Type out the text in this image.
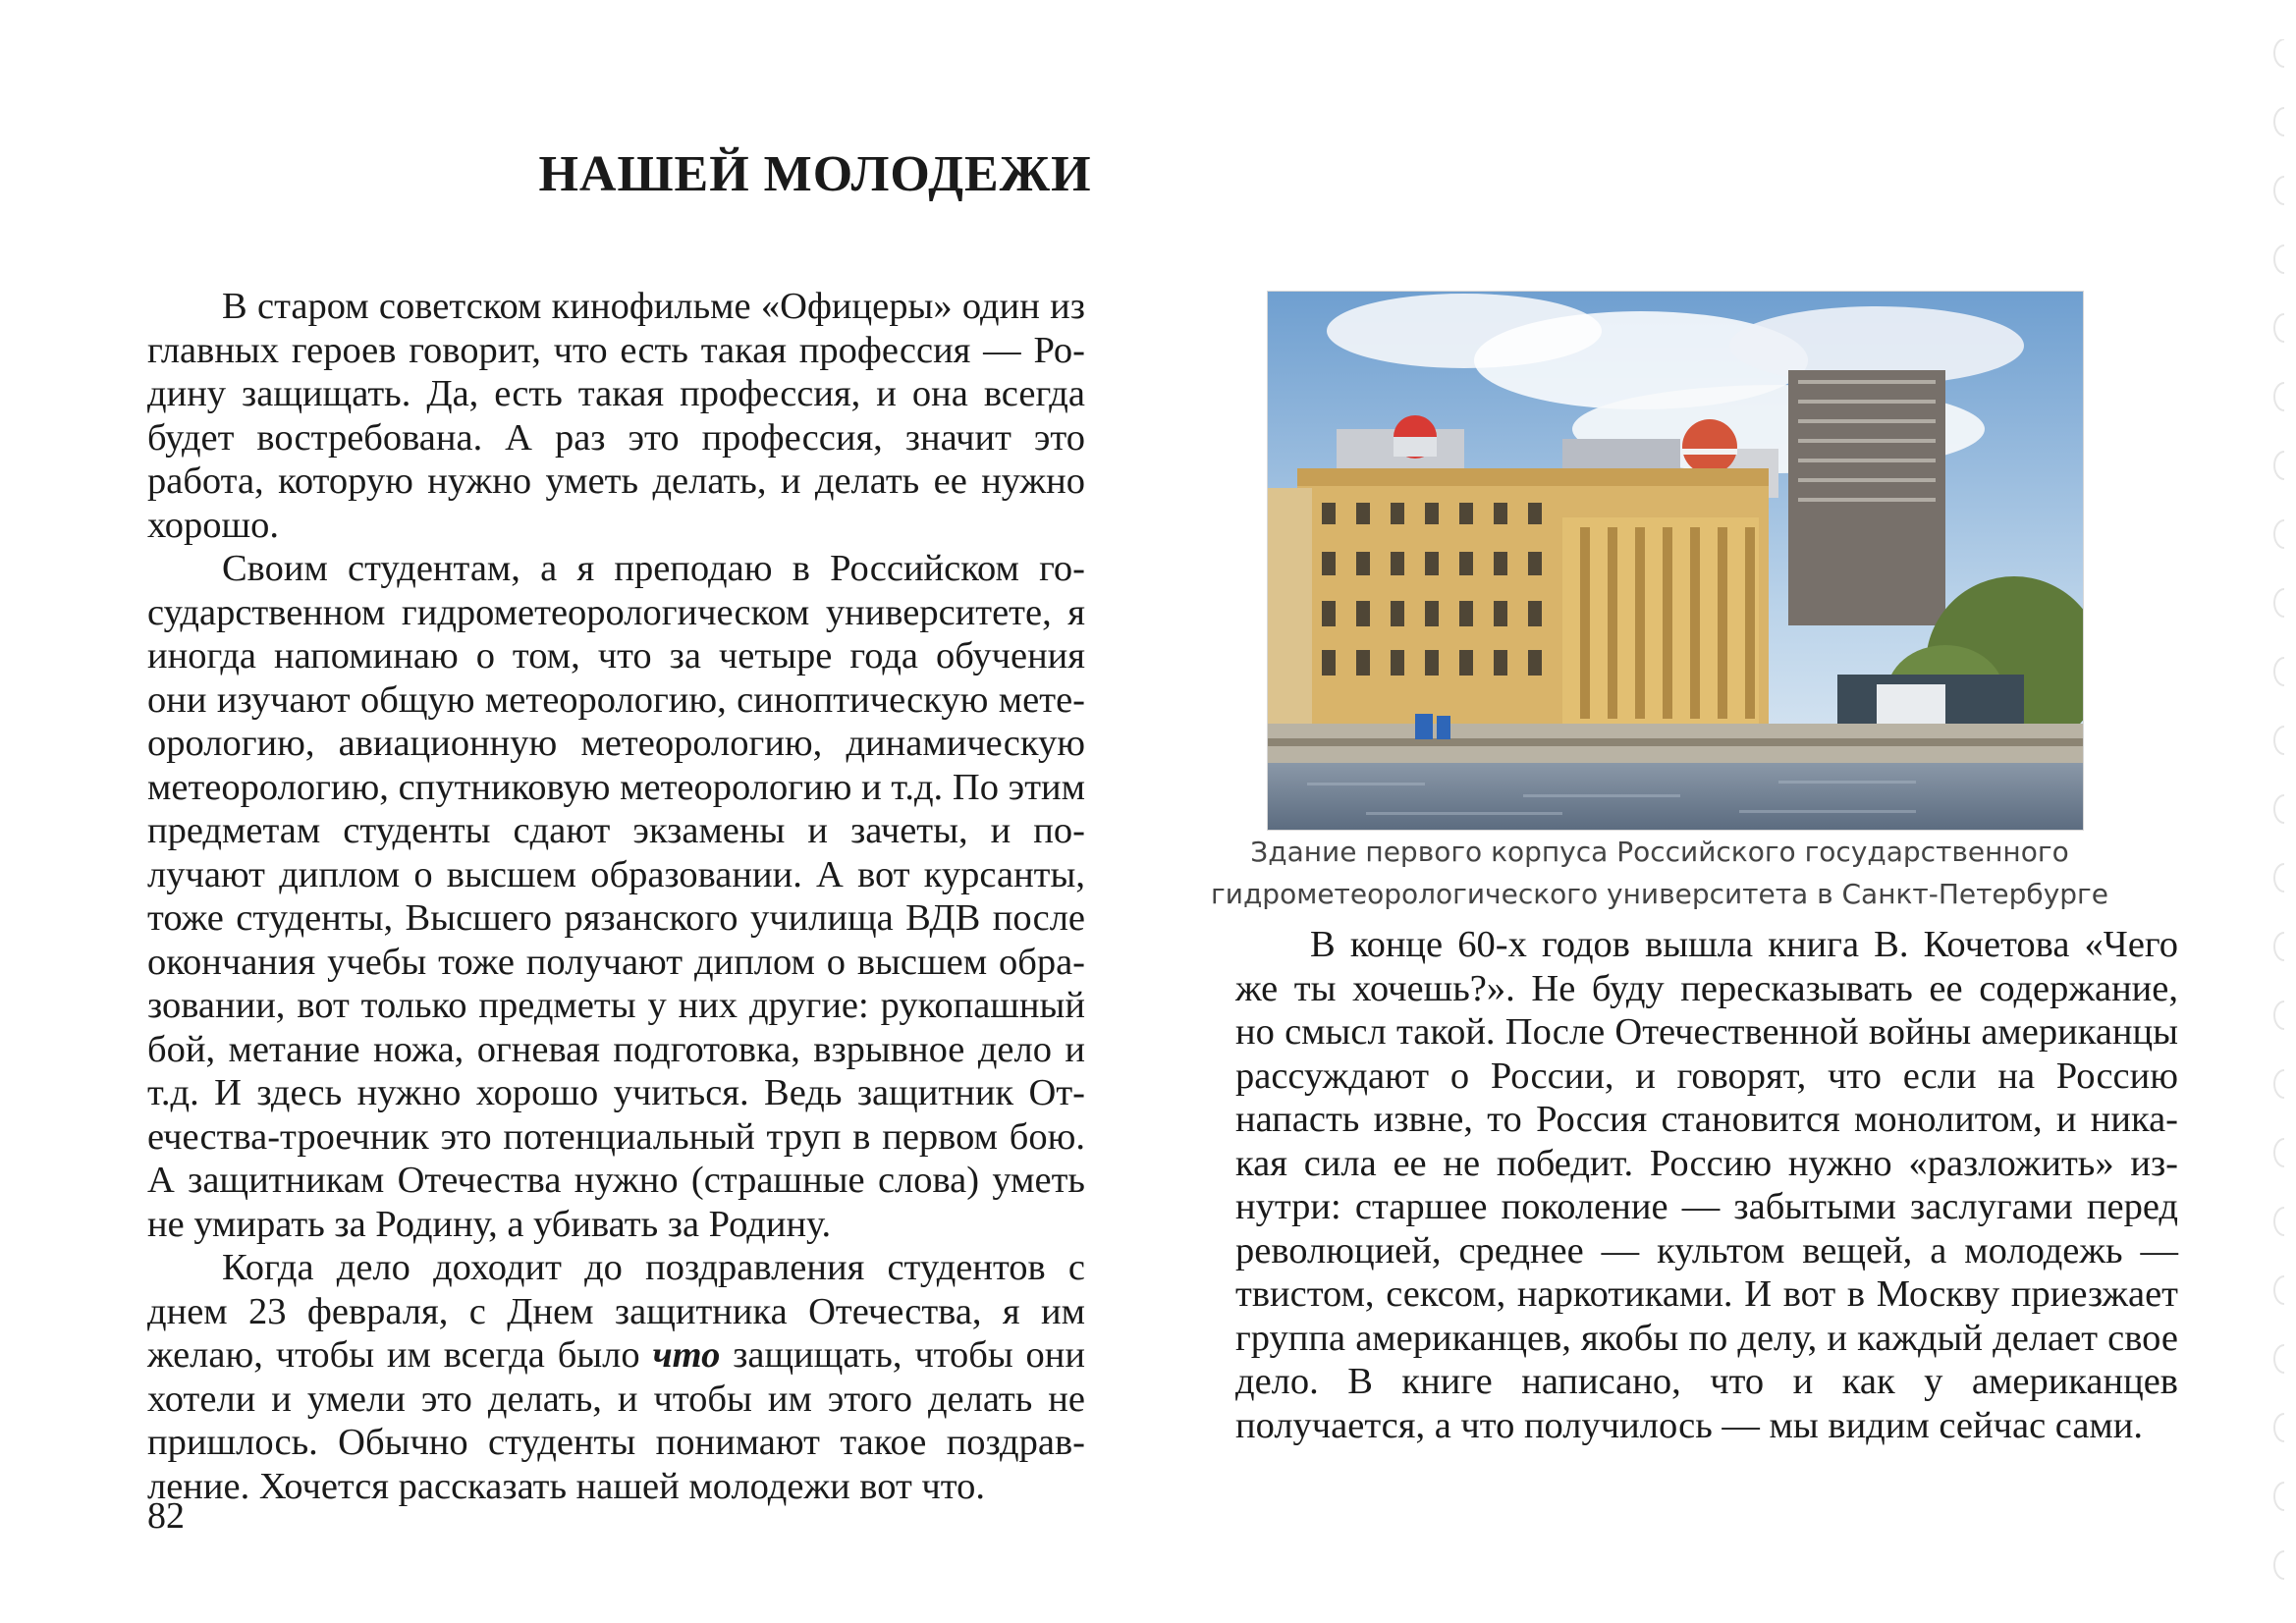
НАШЕЙ МОЛОДЕЖИ

В старом советском кинофильме «Офицеры» один из главных героев говорит, что есть такая профессия — Родину защищать. Да, есть такая профессия, и она всегда будет востребована. А раз это профессия, значит это работа, которую нужно уметь делать, и делать ее нужно хорошо.

Своим студентам, а я преподаю в Российском государственном гидрометеорологическом университете, я иногда напоминаю о том, что за четыре года обучения они изучают общую метеорологию, синоптическую метеорологию, авиационную метеорологию, динамическую метеорологию, спутниковую метеорологию и т.д. По этим предметам студенты сдают экзамены и зачеты, и получают диплом о высшем образовании. А вот курсанты, тоже студенты, Высшего рязанского училища ВДВ после окончания учебы тоже получают диплом о высшем образовании, вот только предметы у них другие: рукопашный бой, метание ножа, огневая подготовка, взрывное дело и т.д. И здесь нужно хорошо учиться. Ведь защитник Отечества-троечник это потенциальный труп в первом бою. А защитникам Отечества нужно (страшные слова) уметь не умирать за Родину, а убивать за Родину.

Когда дело доходит до поздравления студентов с днем 23 февраля, с Днем защитника Отечества, я им желаю, чтобы им всегда было что защищать, чтобы они хотели и умели это делать, и чтобы им этого делать не пришлось. Обычно студенты понимают такое поздравление. Хочется рассказать нашей молодежи вот что.

Здание первого корпуса Российского государственного
гидрометеорологического университета в Санкт-Петербурге

В конце 60-х годов вышла книга В. Кочетова «Чего же ты хочешь?». Не буду пересказывать ее содержание, но смысл такой. После Отечественной войны американцы рассуждают о России, и говорят, что если на Россию напасть извне, то Россия становится монолитом, и никакая сила ее не победит. Россию нужно «разложить» изнутри: старшее поколение — забытыми заслугами перед революцией, среднее — культом вещей, а молодежь — твистом, сексом, наркотиками. И вот в Москву приезжает группа американцев, якобы по делу, и каждый делает свое дело. В книге написано, что и как у американцев получается, а что получилось — мы видим сейчас сами.

82
